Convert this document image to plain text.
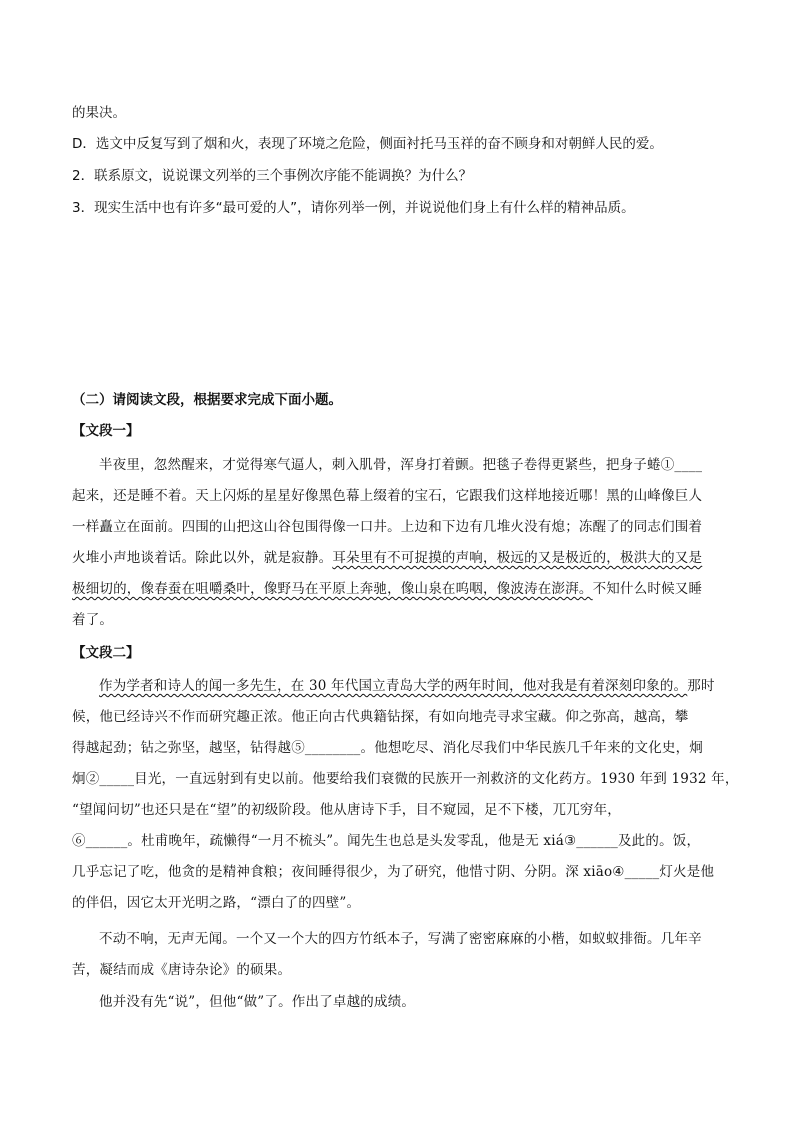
的果决。
D．选文中反复写到了烟和火，表现了环境之危险，侧面衬托马玉祥的奋不顾身和对朝鲜人民的爱。
2．联系原文，说说课文列举的三个事例次序能不能调换？为什么？
3．现实生活中也有许多“最可爱的人”，请你列举一例，并说说他们身上有什么样的精神品质。
（二）请阅读文段，根据要求完成下面小题。
【文段一】
半夜里，忽然醒来，才觉得寒气逼人，刺入肌骨，浑身打着颤。把毯子卷得更紧些，把身子蜷①____
起来，还是睡不着。天上闪烁的星星好像黑色幕上缀着的宝石，它跟我们这样地接近哪！黑的山峰像巨人
一样矗立在面前。四围的山把这山谷包围得像一口井。上边和下边有几堆火没有熄；冻醒了的同志们围着
火堆小声地谈着话。除此以外，就是寂静。耳朵里有不可捉摸的声响，极远的又是极近的，极洪大的又是
极细切的，像春蚕在咀嚼桑叶，像野马在平原上奔驰，像山泉在呜咽，像波涛在澎湃。不知什么时候又睡
着了。
【文段二】
作为学者和诗人的闻一多先生，在 30 年代国立青岛大学的两年时间，他对我是有着深刻印象的。那时
候，他已经诗兴不作而研究趣正浓。他正向古代典籍钻探，有如向地壳寻求宝藏。仰之弥高，越高，攀
得越起劲；钻之弥坚，越坚，钻得越⑤________。他想吃尽、消化尽我们中华民族几千年来的文化史，炯
炯②_____目光，一直远射到有史以前。他要给我们衰微的民族开一剂救济的文化药方。1930 年到 1932 年，
“望闻问切”也还只是在“望”的初级阶段。他从唐诗下手，目不窥园，足不下楼，兀兀穷年，
⑥______。杜甫晚年，疏懒得“一月不梳头”。闻先生也总是头发零乱，他是无 xiá③______及此的。饭，
几乎忘记了吃，他贪的是精神食粮；夜间睡得很少，为了研究，他惜寸阴、分阴。深 xiāo④_____灯火是他
的伴侣，因它太开光明之路，“漂白了的四壁”。
不动不响，无声无闻。一个又一个大的四方竹纸本子，写满了密密麻麻的小楷，如蚁蚁排衙。几年辛
苦，凝结而成《唐诗杂论》的硕果。
他并没有先“说”，但他“做”了。作出了卓越的成绩。
